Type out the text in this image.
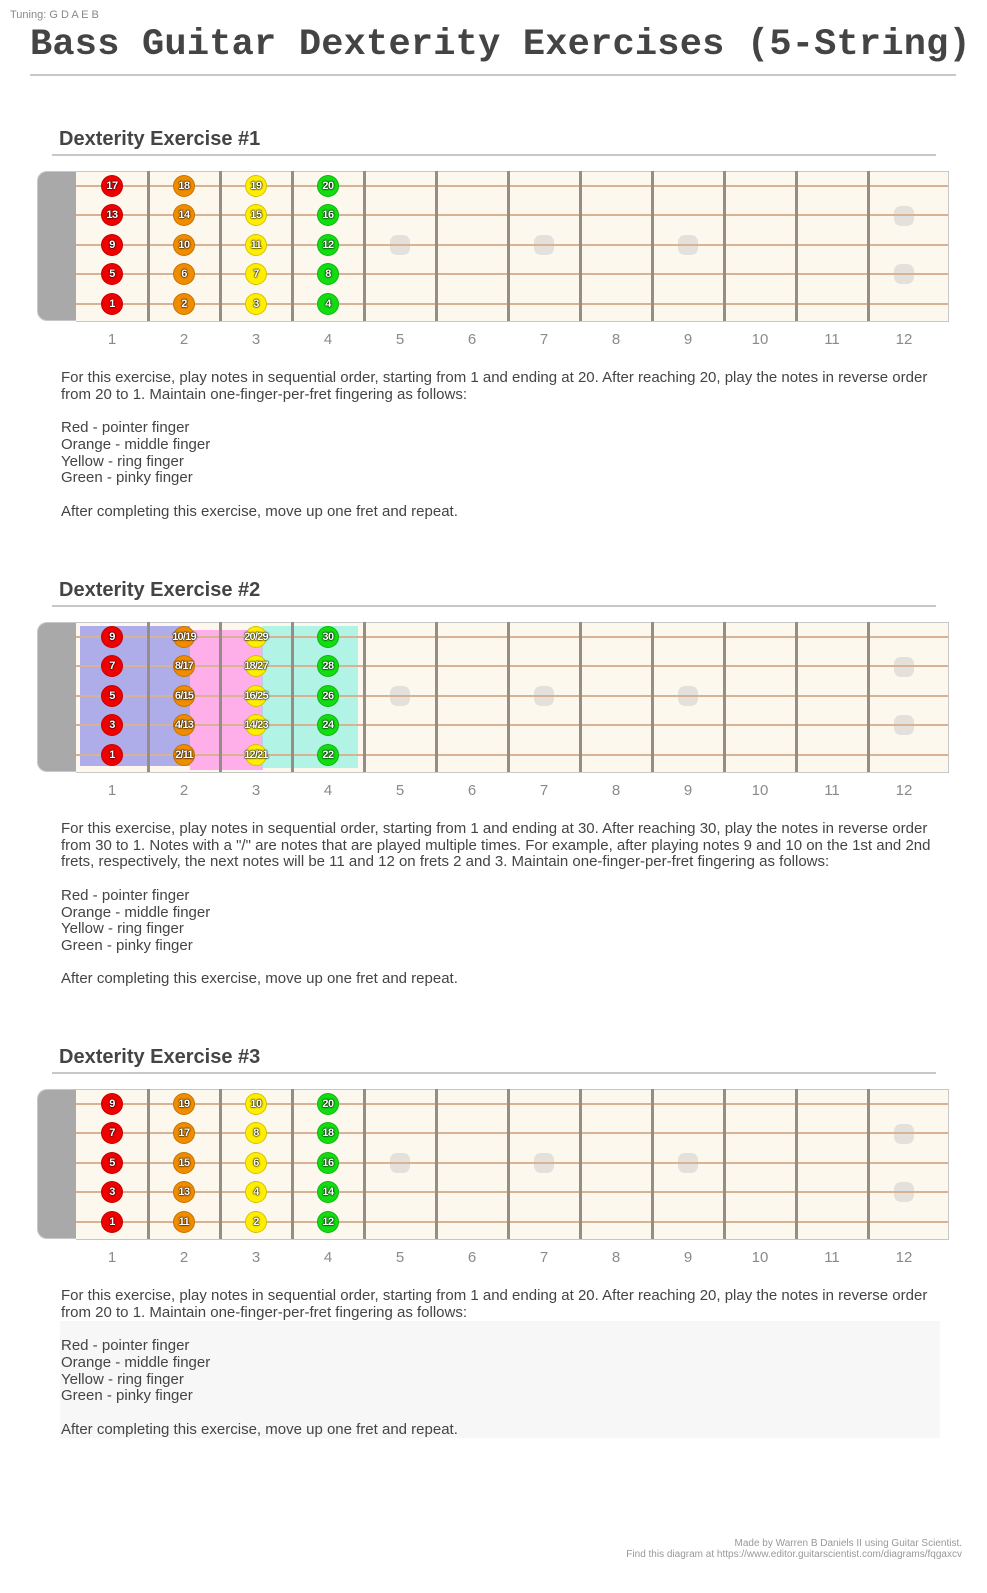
Tuning: G D A E B
Bass Guitar Dexterity Exercises (5-String)
Dexterity Exercise #1
17	18	19	20
13	14	15	16
9	10	11	12
5	6	7	8
1	2	3	4
1	2	3	4	5	6	7	8	9	10	11	12

For this exercise, play notes in sequential order, starting from 1 and ending at 20. After reaching 20, play the notes in reverse order from 20 to 1. Maintain one-finger-per-fret fingering as follows:

Red - pointer finger

Orange - middle finger

Yellow - ring finger

Green - pinky finger

After completing this exercise, move up one fret and repeat.

Dexterity Exercise #2
9	10/19	20/29	30
7	8/17	18/27	28
5	6/15	16/25	26
3	4/13	14/23	24
1	2/11	12/21	22
1	2	3	4	5	6	7	8	9	10	11	12

For this exercise, play notes in sequential order, starting from 1 and ending at 30. After reaching 30, play the notes in reverse order from 30 to 1. Notes with a "/" are notes that are played multiple times. For example, after playing notes 9 and 10 on the 1st and 2nd frets, respectively, the next notes will be 11 and 12 on frets 2 and 3. Maintain one-finger-per-fret fingering as follows:

Red - pointer finger

Orange - middle finger

Yellow - ring finger

Green - pinky finger

After completing this exercise, move up one fret and repeat.

Dexterity Exercise #3
9	19	10	20
7	17	8	18
5	15	6	16
3	13	4	14
1	11	2	12
1	2	3	4	5	6	7	8	9	10	11	12

For this exercise, play notes in sequential order, starting from 1 and ending at 20. After reaching 20, play the notes in reverse order from 20 to 1. Maintain one-finger-per-fret fingering as follows:

Red - pointer finger

Orange - middle finger

Yellow - ring finger

Green - pinky finger

After completing this exercise, move up one fret and repeat.

Made by Warren B Daniels II using Guitar Scientist.
Find this diagram at https://www.editor.guitarscientist.com/diagrams/fqgaxcv
